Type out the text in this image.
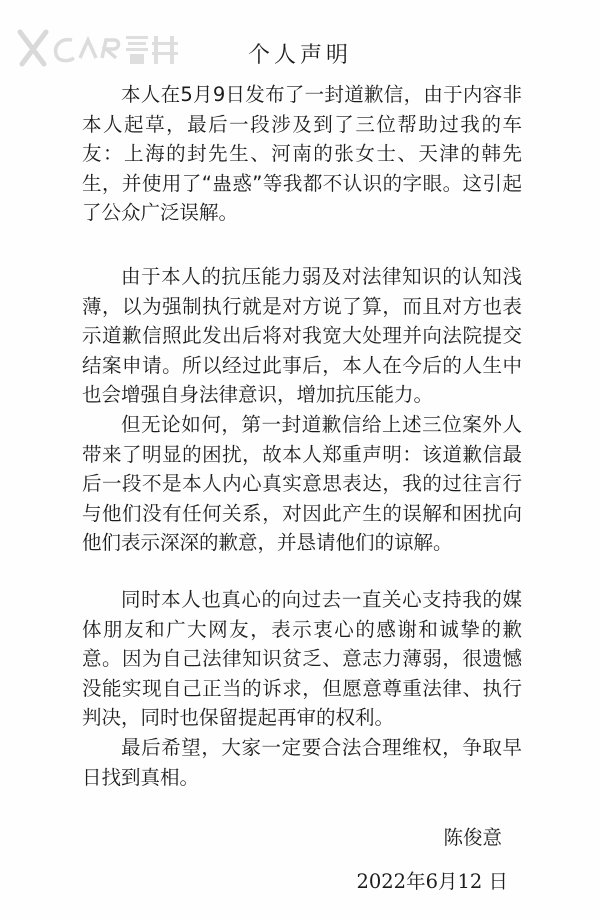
个人声明

本人在5月9日发布了一封道歉信，由于内容非本人起草，最后一段涉及到了三位帮助过我的车友：上海的封先生、河南的张女士、天津的韩先生，并使用了“蛊惑”等我都不认识的字眼。这引起了公众广泛误解。

由于本人的抗压能力弱及对法律知识的认知浅薄，以为强制执行就是对方说了算，而且对方也表示道歉信照此发出后将对我宽大处理并向法院提交结案申请。所以经过此事后，本人在今后的人生中也会增强自身法律意识，增加抗压能力。

但无论如何，第一封道歉信给上述三位案外人带来了明显的困扰，故本人郑重声明：该道歉信最后一段不是本人内心真实意思表达，我的过往言行与他们没有任何关系，对因此产生的误解和困扰向他们表示深深的歉意，并恳请他们的谅解。

同时本人也真心的向过去一直关心支持我的媒体朋友和广大网友，表示衷心的感谢和诚挚的歉意。因为自己法律知识贫乏、意志力薄弱，很遗憾没能实现自己正当的诉求，但愿意尊重法律、执行判决，同时也保留提起再审的权利。

最后希望，大家一定要合法合理维权，争取早日找到真相。

陈俊意
2022年6月12 日
